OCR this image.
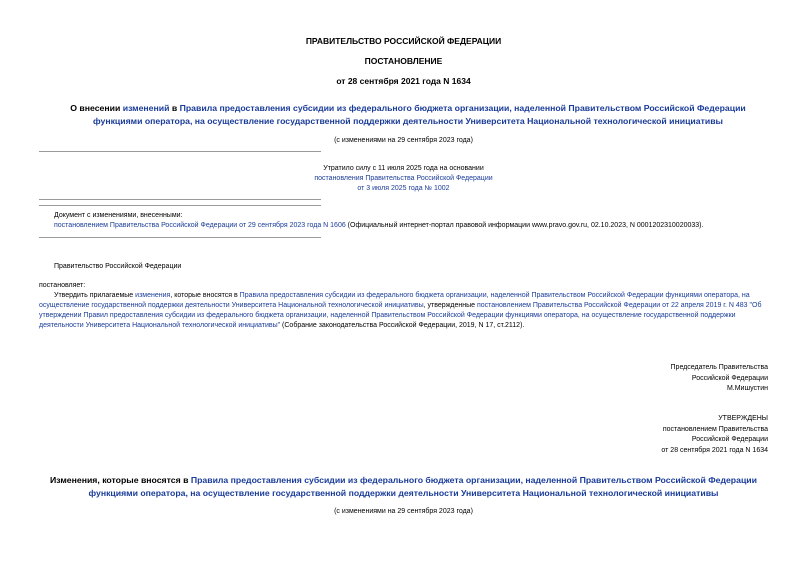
ПРАВИТЕЛЬСТВО РОССИЙСКОЙ ФЕДЕРАЦИИ
ПОСТАНОВЛЕНИЕ
от 28 сентября 2021 года N 1634
О внесении изменений в Правила предоставления субсидии из федерального бюджета организации, наделенной Правительством Российской Федерации функциями оператора, на осуществление государственной поддержки деятельности Университета Национальной технологической инициативы
(с изменениями на 29 сентября 2023 года)
Утратило силу с 11 июля 2025 года на основании
постановления Правительства Российской Федерации
от 3 июля 2025 года № 1002
Документ с изменениями, внесенными:
постановлением Правительства Российской Федерации от 29 сентября 2023 года N 1606 (Официальный интернет-портал правовой информации www.pravo.gov.ru, 02.10.2023, N 0001202310020033).
Правительство Российской Федерации
постановляет:
Утвердить прилагаемые изменения, которые вносятся в Правила предоставления субсидии из федерального бюджета организации, наделенной Правительством Российской Федерации функциями оператора, на осуществление государственной поддержки деятельности Университета Национальной технологической инициативы, утвержденные постановлением Правительства Российской Федерации от 22 апреля 2019 г. N 483 "Об утверждении Правил предоставления субсидии из федерального бюджета организации, наделенной Правительством Российской Федерации функциями оператора, на осуществление государственной поддержки деятельности Университета Национальной технологической инициативы" (Собрание законодательства Российской Федерации, 2019, N 17, ст.2112).
Председатель Правительства
Российской Федерации
М.Мишустин
УТВЕРЖДЕНЫ
постановлением Правительства
Российской Федерации
от 28 сентября 2021 года N 1634
Изменения, которые вносятся в Правила предоставления субсидии из федерального бюджета организации, наделенной Правительством Российской Федерации функциями оператора, на осуществление государственной поддержки деятельности Университета Национальной технологической инициативы
(с изменениями на 29 сентября 2023 года)
